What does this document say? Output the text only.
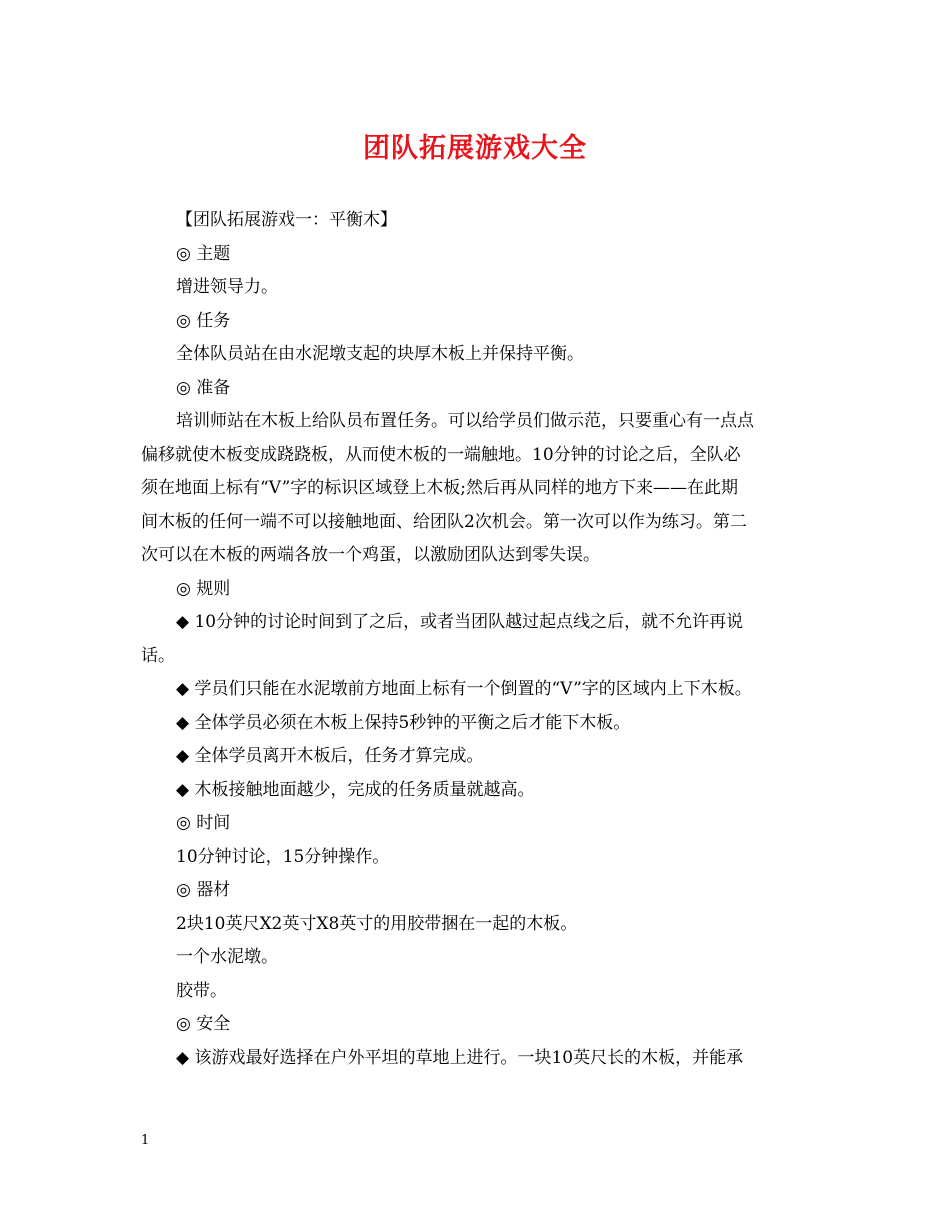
团队拓展游戏大全
【团队拓展游戏一：平衡木】
◎ 主题
增进领导力。
◎ 任务
全体队员站在由水泥墩支起的块厚木板上并保持平衡。
◎ 准备
培训师站在木板上给队员布置任务。可以给学员们做示范，只要重心有一点点
偏移就使木板变成跷跷板，从而使木板的一端触地。10分钟的讨论之后，全队必
须在地面上标有“V”字的标识区域登上木板;然后再从同样的地方下来——在此期
间木板的任何一端不可以接触地面、给团队2次机会。第一次可以作为练习。第二
次可以在木板的两端各放一个鸡蛋，以激励团队达到零失误。
◎ 规则
◆ 10分钟的讨论时间到了之后，或者当团队越过起点线之后，就不允许再说
话。
◆ 学员们只能在水泥墩前方地面上标有一个倒置的“V”字的区域内上下木板。
◆ 全体学员必须在木板上保持5秒钟的平衡之后才能下木板。
◆ 全体学员离开木板后，任务才算完成。
◆ 木板接触地面越少，完成的任务质量就越高。
◎ 时间
10分钟讨论，15分钟操作。
◎ 器材
2块10英尺X2英寸X8英寸的用胶带捆在一起的木板。
一个水泥墩。
胶带。
◎ 安全
◆ 该游戏最好选择在户外平坦的草地上进行。一块10英尺长的木板，并能承
1
